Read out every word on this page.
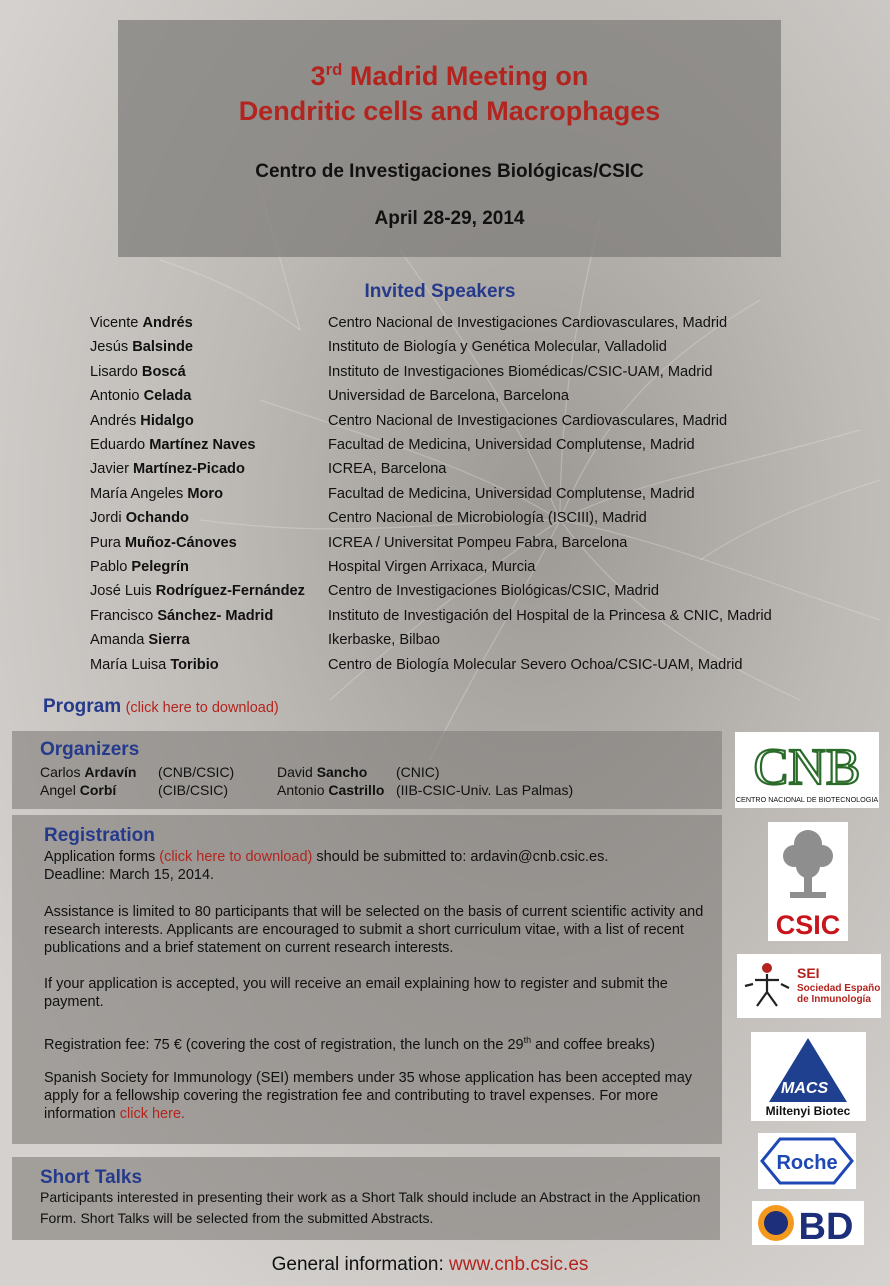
3rd Madrid Meeting on
Dendritic cells and Macrophages
Centro de Investigaciones Biológicas/CSIC
April 28-29, 2014
Invited Speakers
Vicente Andrés	Centro Nacional de Investigaciones Cardiovasculares, Madrid
Jesús Balsinde	Instituto de Biología y Genética Molecular, Valladolid
Lisardo Boscá	Instituto de Investigaciones Biomédicas/CSIC-UAM, Madrid
Antonio Celada	Universidad de Barcelona, Barcelona
Andrés Hidalgo	Centro Nacional de Investigaciones Cardiovasculares, Madrid
Eduardo Martínez Naves	Facultad de Medicina, Universidad Complutense, Madrid
Javier Martínez-Picado	ICREA, Barcelona
María Angeles Moro	Facultad de Medicina, Universidad Complutense, Madrid
Jordi Ochando	Centro Nacional de Microbiología (ISCIII), Madrid
Pura Muñoz-Cánoves	ICREA / Universitat Pompeu Fabra, Barcelona
Pablo Pelegrín	Hospital Virgen Arrixaca, Murcia
José Luis Rodríguez-Fernández Centro de Investigaciones Biológicas/CSIC, Madrid
Francisco Sánchez- Madrid	Instituto de Investigación del Hospital de la Princesa & CNIC, Madrid
Amanda Sierra	Ikerbaske, Bilbao
María Luisa Toribio	Centro de Biología Molecular Severo Ochoa/CSIC-UAM, Madrid
Program (click here to download)
Organizers
Carlos Ardavín (CNB/CSIC)	David Sancho (CNIC)
Angel Corbí	(CIB/CSIC)	Antonio Castrillo (IIB-CSIC-Univ. Las Palmas)
Registration
Application forms (click here to download) should be submitted to: ardavin@cnb.csic.es.
Deadline: March 15, 2014.
Assistance is limited to 80 participants that will be selected on the basis of current scientific activity and research interests. Applicants are encouraged to submit a short curriculum vitae, with a list of recent publications and a brief statement on current research interests.
If your application is accepted, you will receive an email explaining how to register and submit the payment.
Registration fee: 75 € (covering the cost of registration, the lunch on the 29th and coffee breaks)
Spanish Society for Immunology (SEI) members under 35 whose application has been accepted may apply for a fellowship covering the registration fee and contributing to travel expenses. For more information click here.
Short Talks
Participants interested in presenting their work as a Short Talk should include an Abstract in the Application Form. Short Talks will be selected from the submitted Abstracts.
General information: www.cnb.csic.es
CNB
CENTRO NACIONAL DE BIOTECNOLOGIA
CSIC
SEI
Sociedad Española
de Inmunología
MACS
Miltenyi Biotec
Roche
BD
